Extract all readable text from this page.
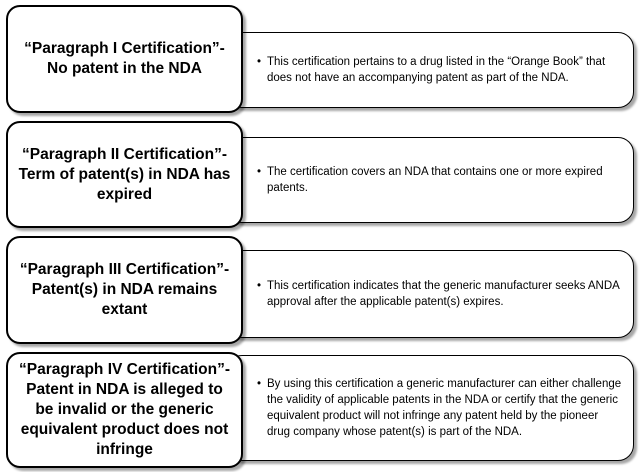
“Paragraph I Certification”-
No patent in the NDA	• This certification pertains to a drug listed in the “Orange Book” that does not have an accompanying patent as part of the NDA.
“Paragraph II Certification”-
Term of patent(s) in NDA has expired
• The certification covers an NDA that contains one or more expired patents.
“Paragraph III Certification”- Patent(s) in NDA remains extant
• This certification indicates that the generic manufacturer seeks ANDA approval after the applicable patent(s) expires.
“Paragraph IV Certification”- Patent in NDA is alleged to be invalid or the generic equivalent product does not infringe
• By using this certification a generic manufacturer can either challenge the validity of applicable patents in the NDA or certify that the generic equivalent product will not infringe any patent held by the pioneer drug company whose patent(s) is part of the NDA.
